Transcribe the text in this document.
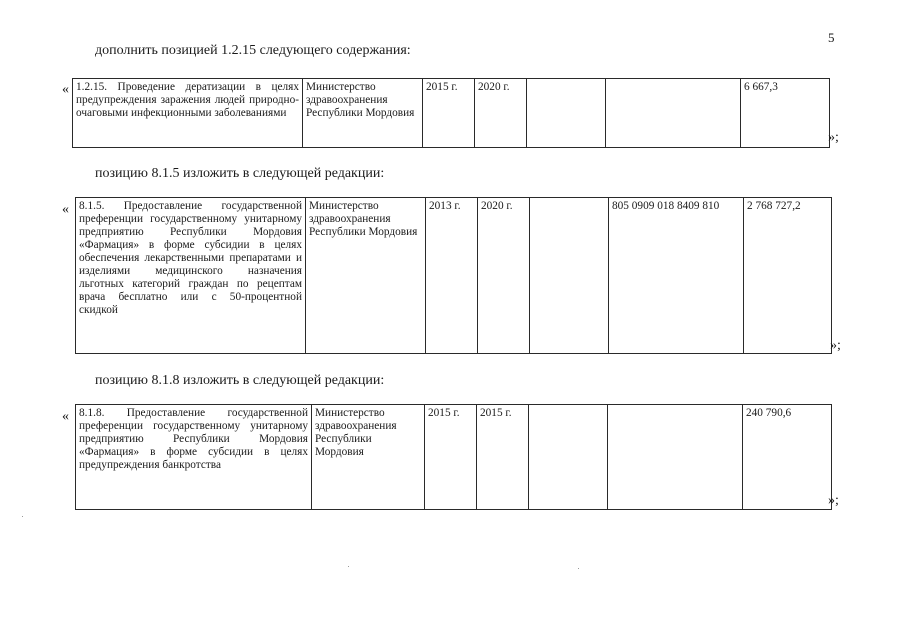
5
дополнить позицией 1.2.15 следующего содержания:
« 1.2.15. Проведение дератизации в целях предупреждения заражения людей природно-очаговыми инфекционными заболеваниями	Министерство здравоохранения Республики Мордовия	2015 г.	2020 г.			6 667,3
»;
позицию 8.1.5 изложить в следующей редакции:
« 8.1.5. Предоставление государственной преференции государственному унитарному предприятию Республики Мордовия «Фармация» в форме субсидии в целях обеспечения лекарственными препаратами и изделиями медицинского назначения льготных категорий граждан по рецептам врача бесплатно или с 50-процентной скидкой	Министерство здравоохранения Республики Мордовия	2013 г.	2020 г.		805 0909 018 8409 810	2 768 727,2
»;
позицию 8.1.8 изложить в следующей редакции:
« 8.1.8. Предоставление государственной преференции государственному унитарному предприятию Республики Мордовия «Фармация» в форме субсидии в целях предупреждения банкротства	Министерство здравоохранения Республики Мордовия	2015 г.	2015 г.			240 790,6
»;
